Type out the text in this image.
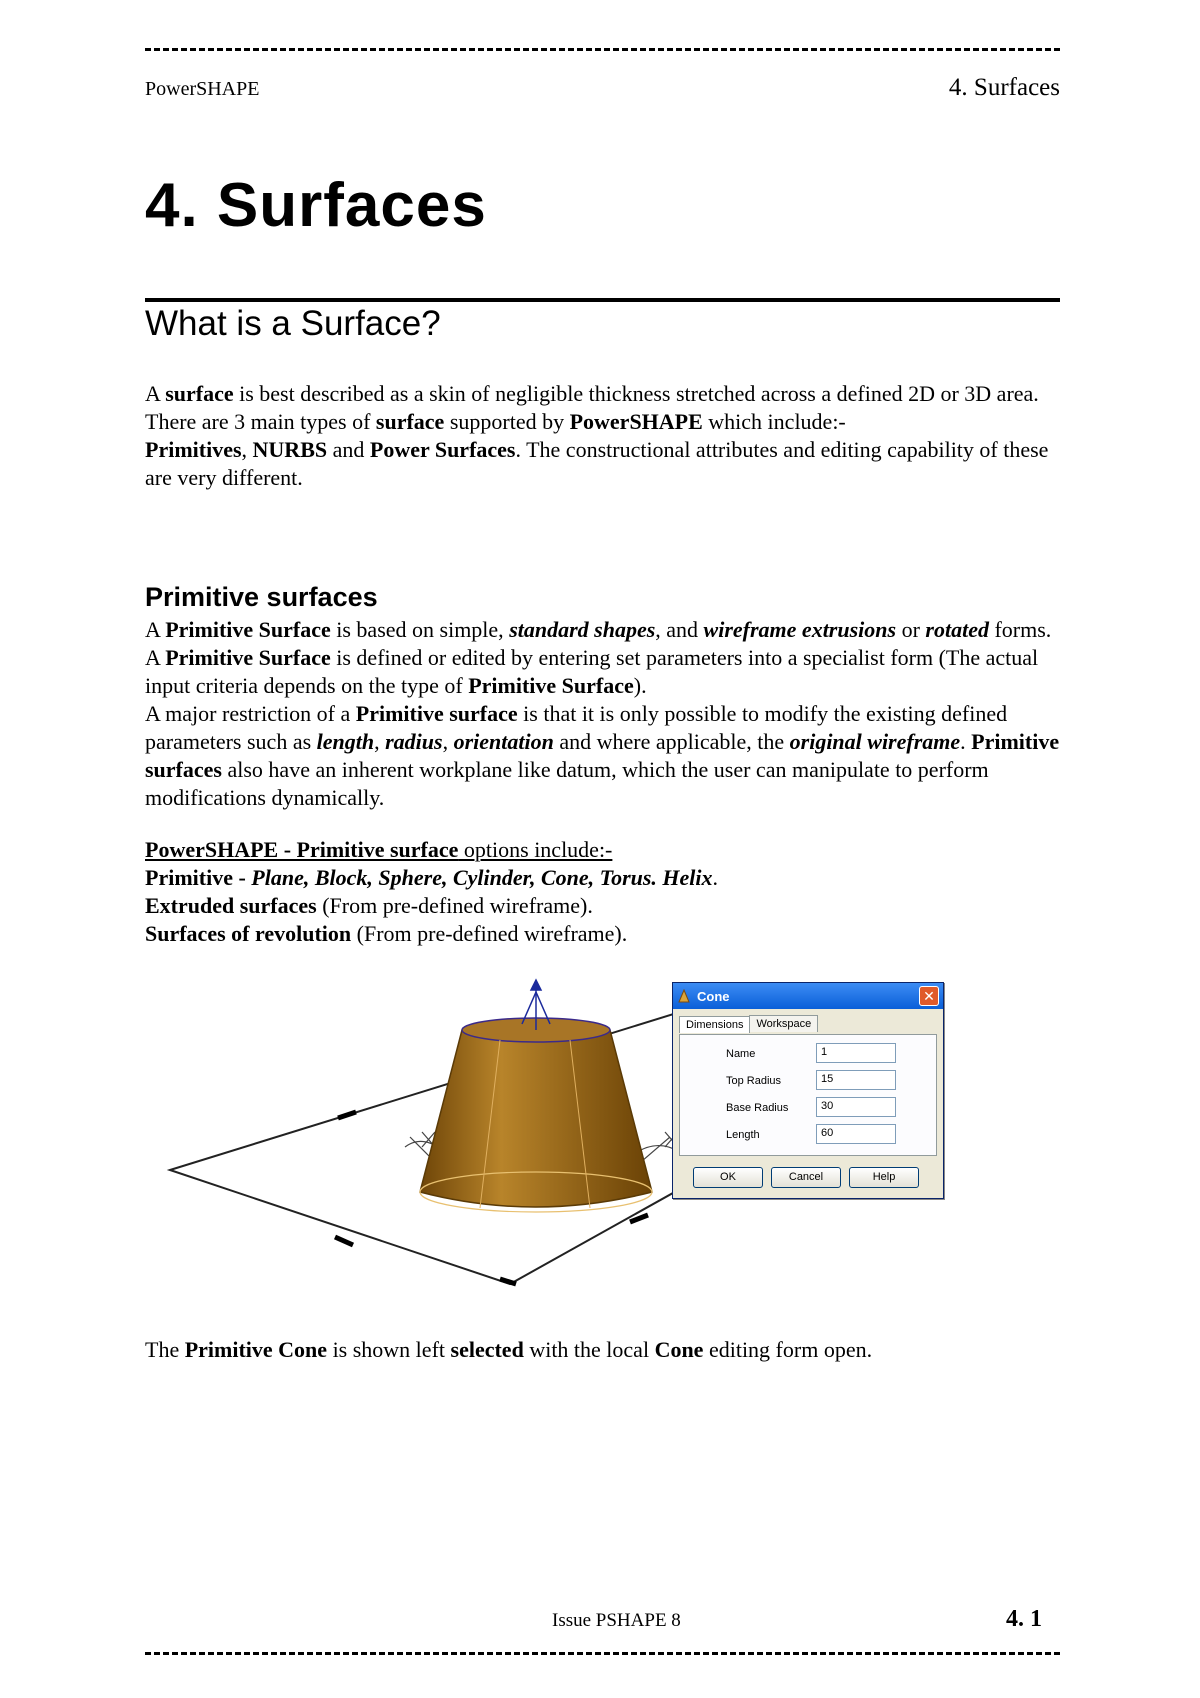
PowerSHAPE	4. Surfaces
4. Surfaces
What is a Surface?
A surface is best described as a skin of negligible thickness stretched across a defined 2D or 3D area.
There are 3 main types of surface supported by PowerSHAPE which include:-
Primitives, NURBS and Power Surfaces. The constructional attributes and editing capability of these are very different.
Primitive surfaces
A Primitive Surface is based on simple, standard shapes, and wireframe extrusions or rotated forms. A Primitive Surface is defined or edited by entering set parameters into a specialist form (The actual input criteria depends on the type of Primitive Surface).
A major restriction of a Primitive surface is that it is only possible to modify the existing defined parameters such as length, radius, orientation and where applicable, the original wireframe. Primitive surfaces also have an inherent workplane like datum, which the user can manipulate to perform modifications dynamically.
PowerSHAPE - Primitive surface options include:-
Primitive - Plane, Block, Sphere, Cylinder, Cone, Torus. Helix.
Extruded surfaces (From pre-defined wireframe).
Surfaces of revolution (From pre-defined wireframe).
Cone	✕
Dimensions	Workspace
Name	1
Top Radius	15
Base Radius	30
Length	60
OK	Cancel	Help
The Primitive Cone is shown left selected with the local Cone editing form open.
Issue PSHAPE 8	4. 1
